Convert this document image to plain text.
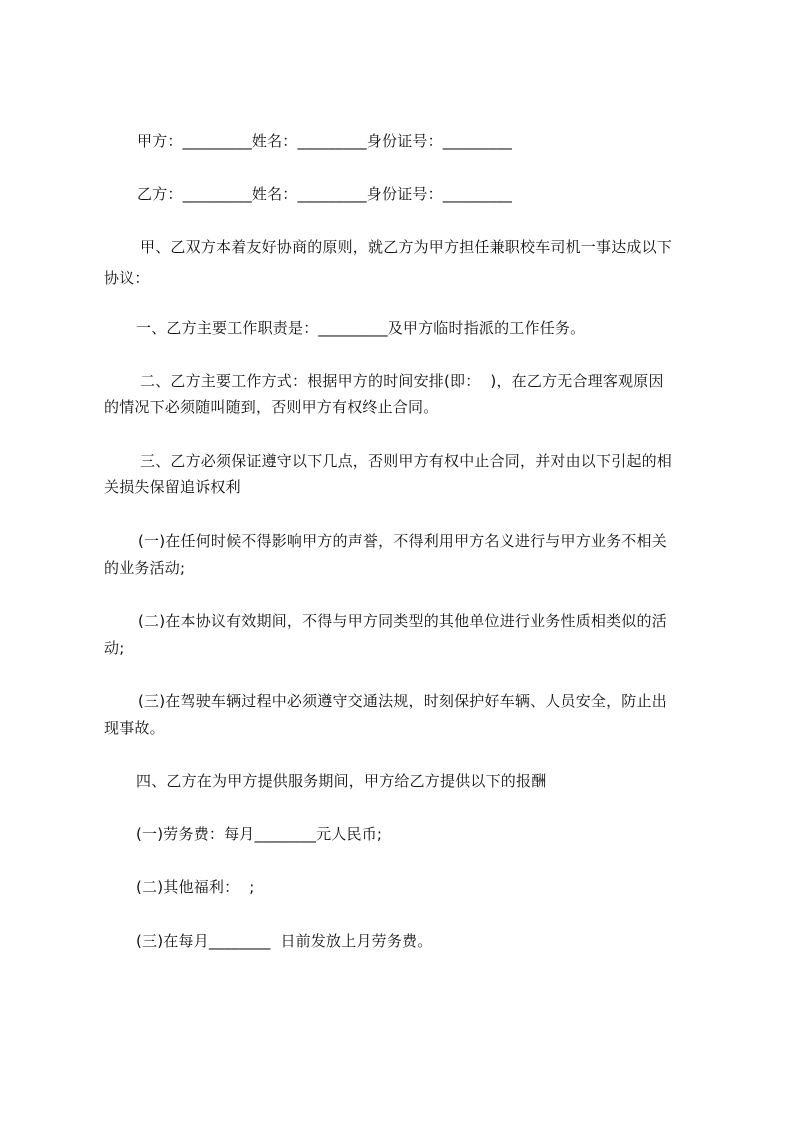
甲方：_________姓名：_________身份证号：_________
乙方：_________姓名：_________身份证号：_________
甲、乙双方本着友好协商的原则，就乙方为甲方担任兼职校车司机一事达成以下
协议：
一、乙方主要工作职责是：_________及甲方临时指派的工作任务。
二、乙方主要工作方式：根据甲方的时间安排(即：  )，在乙方无合理客观原因
的情况下必须随叫随到，否则甲方有权终止合同。
三、乙方必须保证遵守以下几点，否则甲方有权中止合同，并对由以下引起的相
关损失保留追诉权利
(一)在任何时候不得影响甲方的声誉，不得利用甲方名义进行与甲方业务不相关
的业务活动;
(二)在本协议有效期间，不得与甲方同类型的其他单位进行业务性质相类似的活
动;
(三)在驾驶车辆过程中必须遵守交通法规，时刻保护好车辆、人员安全，防止出
现事故。
四、乙方在为甲方提供服务期间，甲方给乙方提供以下的报酬
(一)劳务费：每月________元人民币;
(二)其他福利：  ;
(三)在每月________  日前发放上月劳务费。
